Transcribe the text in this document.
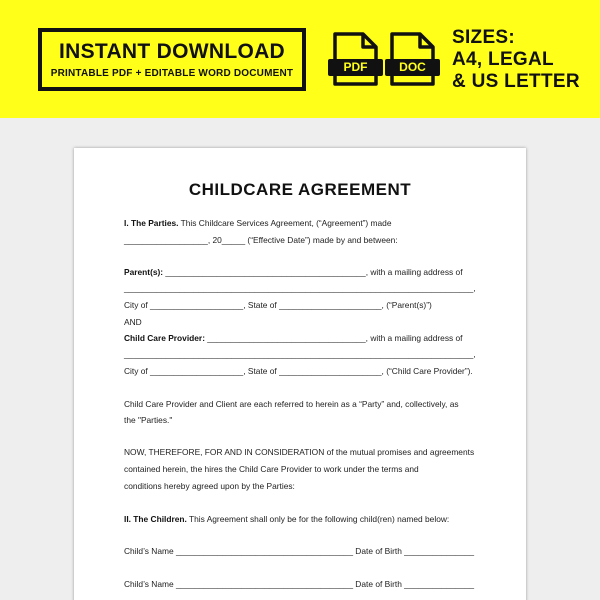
INSTANT DOWNLOAD
PRINTABLE PDF + EDITABLE WORD DOCUMENT	PDF	DOC
SIZES:
A4, LEGAL
& US LETTER
CHILDCARE AGREEMENT
I. The Parties. This Childcare Services Agreement, (“Agreement”) made
__________________, 20_____ (“Effective Date”) made by and between:
Parent(s): ___________________________________________, with a mailing address of
___________________________________________________________________________,
City of ____________________, State of ______________________, (“Parent(s)”)
AND
Child Care Provider: __________________________________, with a mailing address of
___________________________________________________________________________,
City of ____________________, State of ______________________, (“Child Care Provider”).
Child Care Provider and Client are each referred to herein as a “Party” and, collectively, as
the "Parties."
NOW, THEREFORE, FOR AND IN CONSIDERATION of the mutual promises and agreements
contained herein, the hires the Child Care Provider to work under the terms and
conditions hereby agreed upon by the Parties:
II. The Children. This Agreement shall only be for the following child(ren) named below:
Child’s Name ______________________________________ Date of Birth _______________
Child’s Name ______________________________________ Date of Birth _______________
